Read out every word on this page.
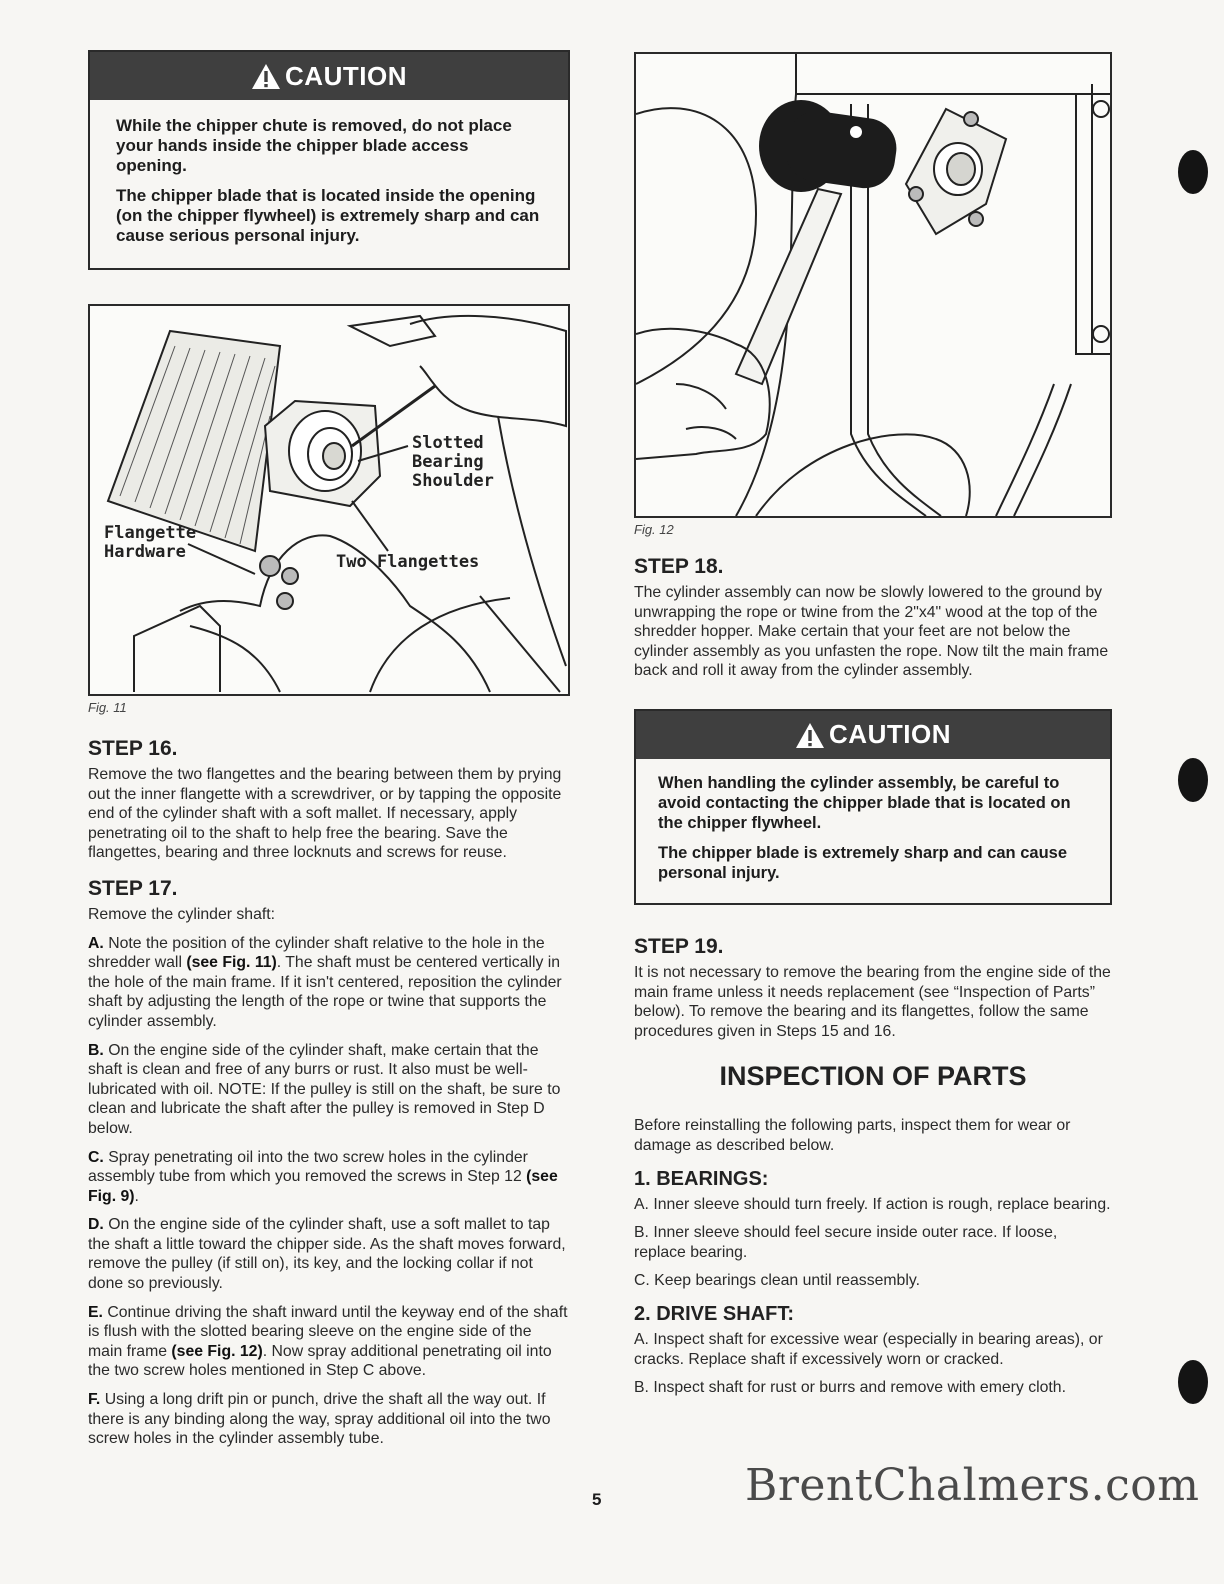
CAUTION

While the chipper chute is removed, do not place your hands inside the chipper blade access opening.

The chipper blade that is located inside the opening (on the chipper flywheel) is extremely sharp and can cause serious personal injury.

Slotted
Bearing
Shoulder
Flangette
Hardware	Two Flangettes
Fig. 11
STEP 16.

Remove the two flangettes and the bearing between them by prying out the inner flangette with a screwdriver, or by tapping the opposite end of the cylinder shaft with a soft mallet. If necessary, apply penetrating oil to the shaft to help free the bearing. Save the flangettes, bearing and three locknuts and screws for reuse.

STEP 17.

Remove the cylinder shaft:

A. Note the position of the cylinder shaft relative to the hole in the shredder wall (see Fig. 11). The shaft must be centered vertically in the hole of the main frame. If it isn't centered, reposition the cylinder shaft by adjusting the length of the rope or twine that supports the cylinder assembly.

B. On the engine side of the cylinder shaft, make certain that the shaft is clean and free of any burrs or rust. It also must be well-lubricated with oil. NOTE: If the pulley is still on the shaft, be sure to clean and lubricate the shaft after the pulley is removed in Step D below.

C. Spray penetrating oil into the two screw holes in the cylinder assembly tube from which you removed the screws in Step 12 (see Fig. 9).

D. On the engine side of the cylinder shaft, use a soft mallet to tap the shaft a little toward the chipper side. As the shaft moves forward, remove the pulley (if still on), its key, and the locking collar if not done so previously.

E. Continue driving the shaft inward until the keyway end of the shaft is flush with the slotted bearing sleeve on the engine side of the main frame (see Fig. 12). Now spray additional penetrating oil into the two screw holes mentioned in Step C above.

F. Using a long drift pin or punch, drive the shaft all the way out. If there is any binding along the way, spray additional oil into the two screw holes in the cylinder assembly tube.

Fig. 12
STEP 18.

The cylinder assembly can now be slowly lowered to the ground by unwrapping the rope or twine from the 2"x4" wood at the top of the shredder hopper. Make certain that your feet are not below the cylinder assembly as you unfasten the rope. Now tilt the main frame back and roll it away from the cylinder assembly.

CAUTION

When handling the cylinder assembly, be careful to avoid contacting the chipper blade that is located on the chipper flywheel.

The chipper blade is extremely sharp and can cause personal injury.

STEP 19.

It is not necessary to remove the bearing from the engine side of the main frame unless it needs replacement (see “Inspection of Parts” below). To remove the bearing and its flangettes, follow the same procedures given in Steps 15 and 16.

INSPECTION OF PARTS

Before reinstalling the following parts, inspect them for wear or damage as described below.

1. BEARINGS:

A. Inner sleeve should turn freely. If action is rough, replace bearing.

B. Inner sleeve should feel secure inside outer race. If loose, replace bearing.

C. Keep bearings clean until reassembly.

2. DRIVE SHAFT:

A. Inspect shaft for excessive wear (especially in bearing areas), or cracks. Replace shaft if excessively worn or cracked.

B. Inspect shaft for rust or burrs and remove with emery cloth.

5	BrentChalmers.com
